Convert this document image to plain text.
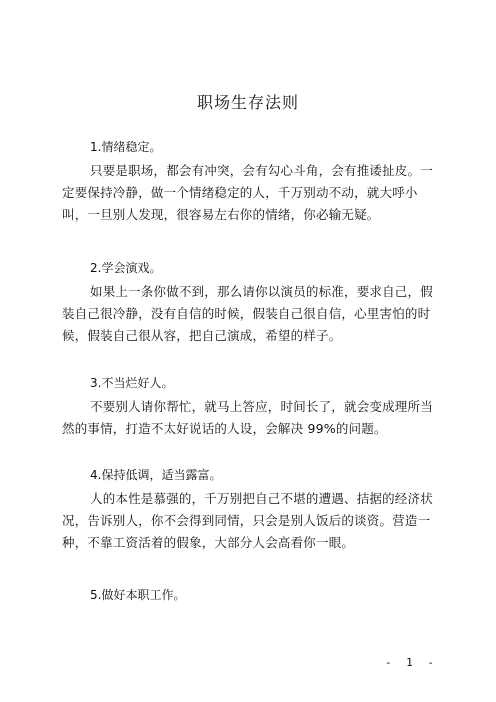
职场生存法则
1.情绪稳定。
只要是职场，都会有冲突，会有勾心斗角，会有推诿扯皮。一定要保持冷静，做一个情绪稳定的人，千万别动不动，就大呼小叫，一旦别人发现，很容易左右你的情绪，你必输无疑。
2.学会演戏。
如果上一条你做不到，那么请你以演员的标准，要求自己，假装自己很冷静，没有自信的时候，假装自己很自信，心里害怕的时候，假装自己很从容，把自己演成，希望的样子。
3.不当烂好人。
不要别人请你帮忙，就马上答应，时间长了，就会变成理所当然的事情，打造不太好说话的人设，会解决 99%的问题。
4.保持低调，适当露富。
人的本性是慕强的，千万别把自己不堪的遭遇、拮据的经济状况，告诉别人，你不会得到同情，只会是别人饭后的谈资。营造一种，不靠工资活着的假象，大部分人会高看你一眼。
5.做好本职工作。
- 1 -
